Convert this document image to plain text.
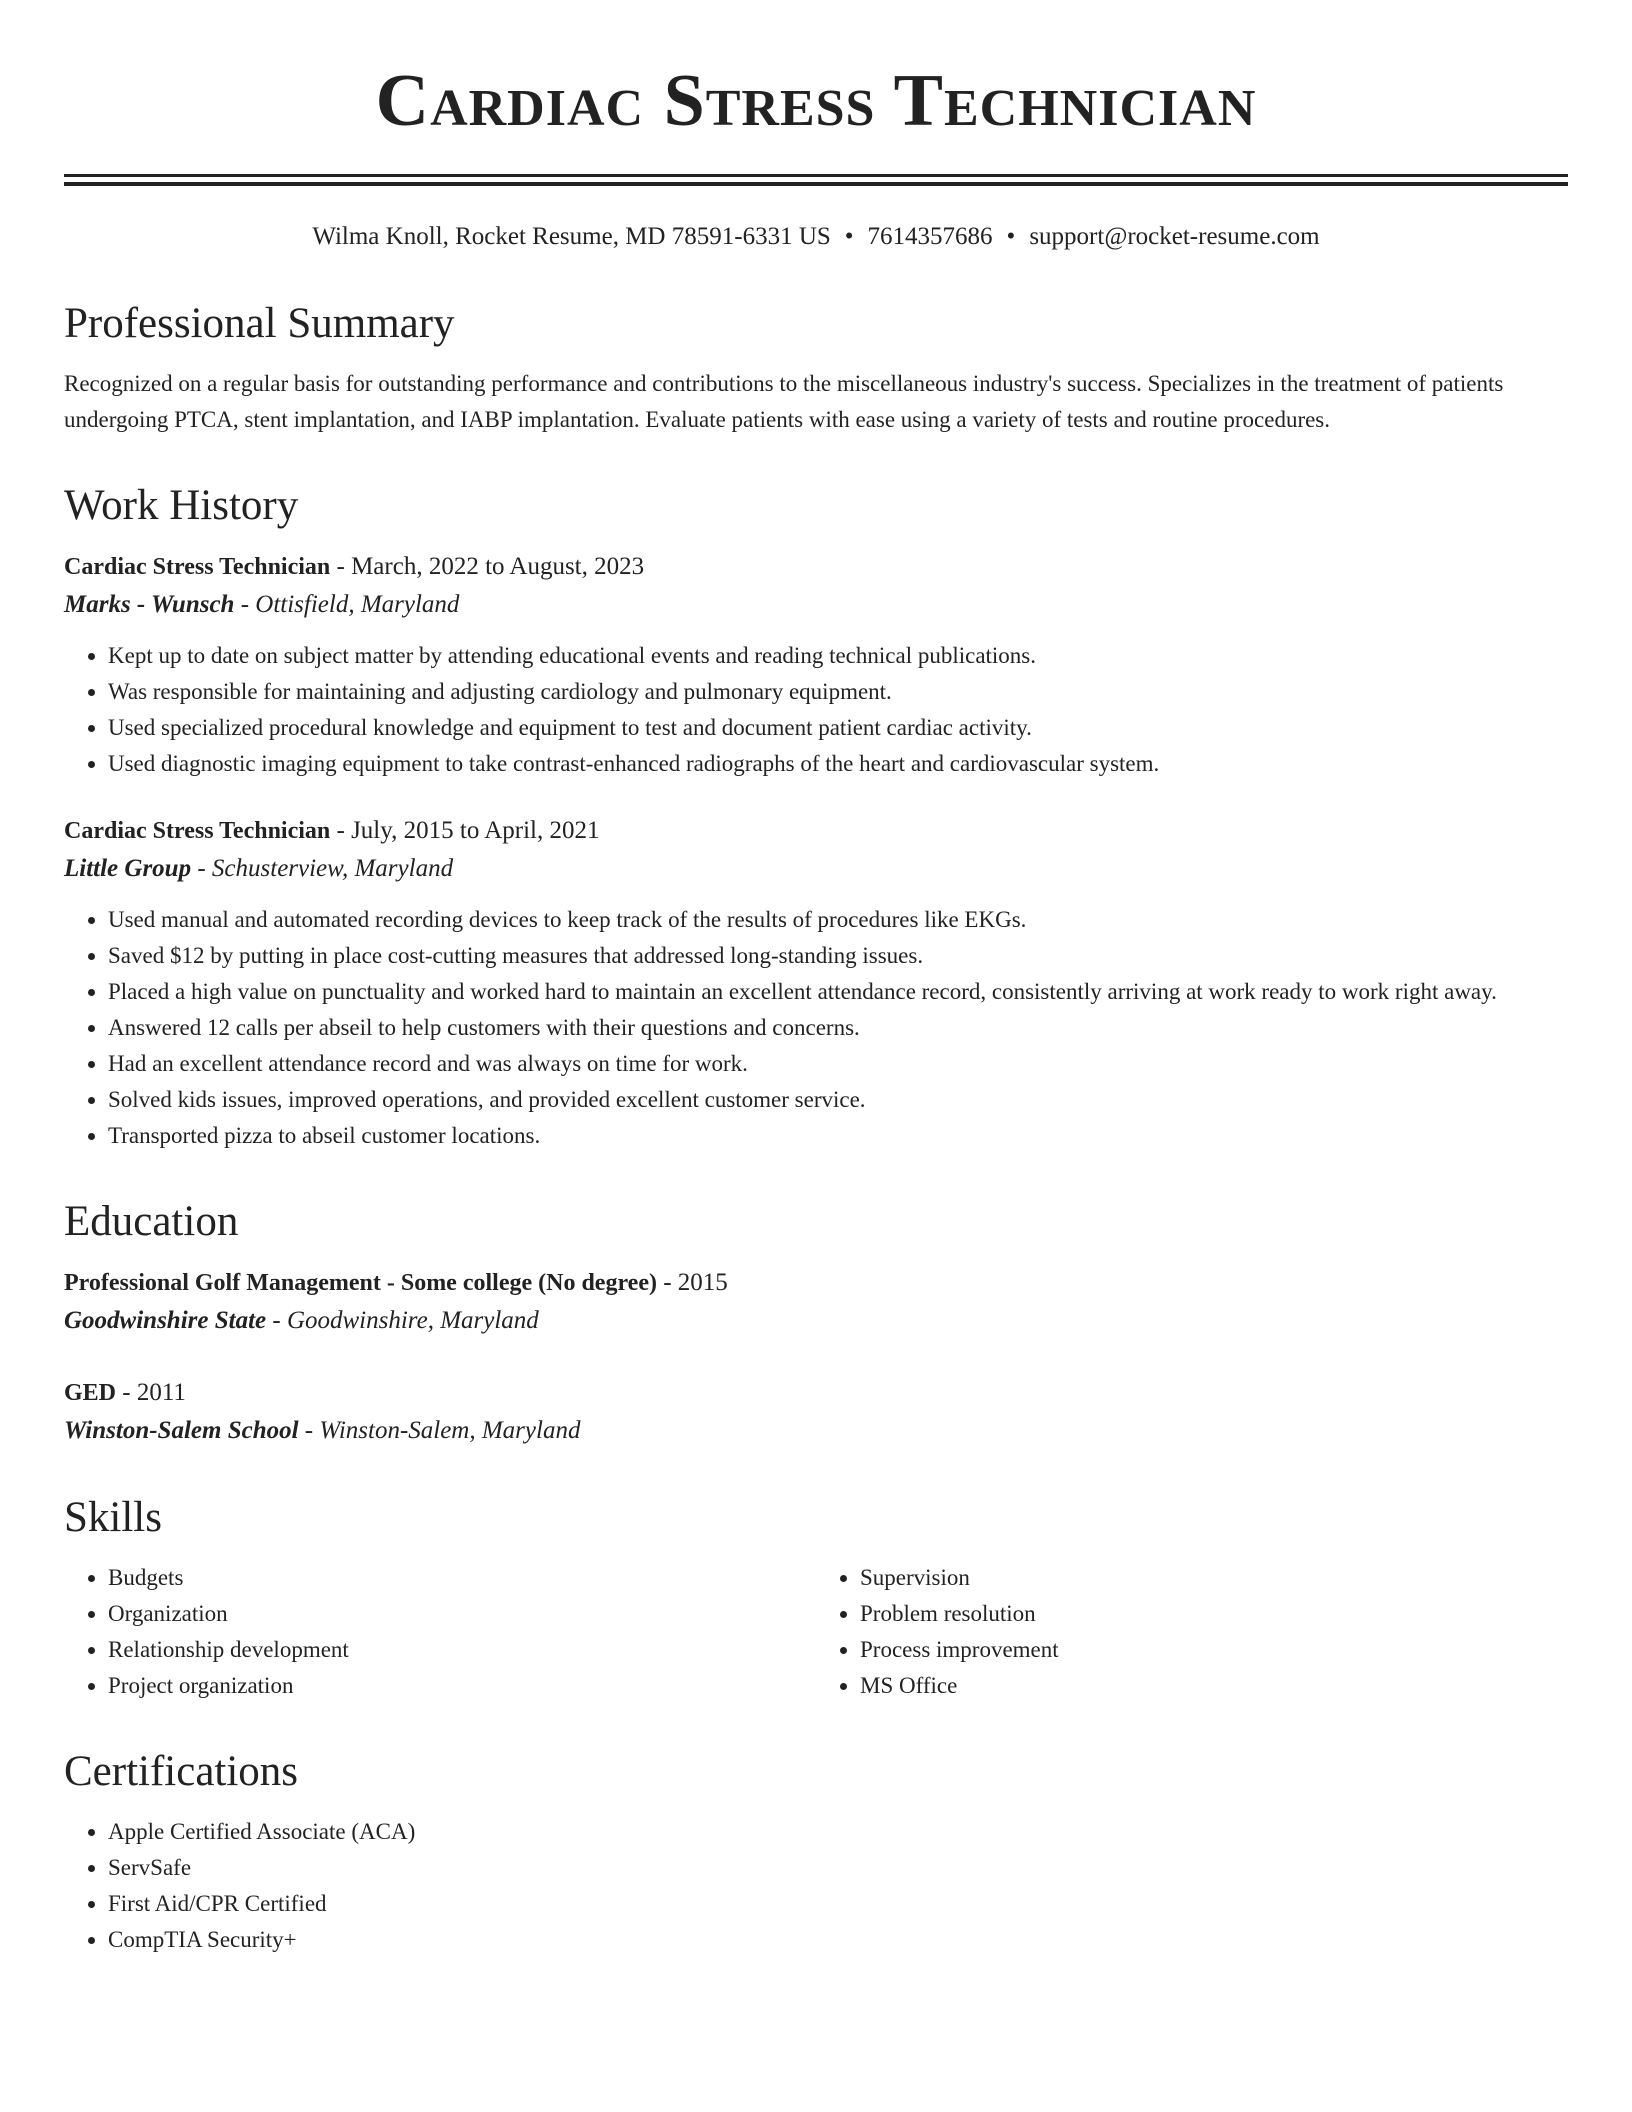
Cardiac Stress Technician
Wilma Knoll, Rocket Resume, MD 78591-6331 US • 7614357686 • support@rocket-resume.com
Professional Summary

Recognized on a regular basis for outstanding performance and contributions to the miscellaneous industry's success. Specializes in the treatment of patients undergoing PTCA, stent implantation, and IABP implantation. Evaluate patients with ease using a variety of tests and routine procedures.

Work History
Cardiac Stress Technician - March, 2022 to August, 2023
Marks - Wunsch - Ottisfield, Maryland
• Kept up to date on subject matter by attending educational events and reading technical publications.
• Was responsible for maintaining and adjusting cardiology and pulmonary equipment.
• Used specialized procedural knowledge and equipment to test and document patient cardiac activity.
• Used diagnostic imaging equipment to take contrast-enhanced radiographs of the heart and cardiovascular system.
Cardiac Stress Technician - July, 2015 to April, 2021
Little Group - Schusterview, Maryland
• Used manual and automated recording devices to keep track of the results of procedures like EKGs.
• Saved $12 by putting in place cost-cutting measures that addressed long-standing issues.
• Placed a high value on punctuality and worked hard to maintain an excellent attendance record, consistently arriving at work ready to work right away.
• Answered 12 calls per abseil to help customers with their questions and concerns.
• Had an excellent attendance record and was always on time for work.
• Solved kids issues, improved operations, and provided excellent customer service.
• Transported pizza to abseil customer locations.
Education
Professional Golf Management - Some college (No degree) - 2015
Goodwinshire State - Goodwinshire, Maryland
GED - 2011
Winston-Salem School - Winston-Salem, Maryland
Skills
• Budgets
• Organization
• Relationship development
• Project organization
• Supervision
• Problem resolution
• Process improvement
• MS Office
Certifications
• Apple Certified Associate (ACA)
• ServSafe
• First Aid/CPR Certified
• CompTIA Security+
